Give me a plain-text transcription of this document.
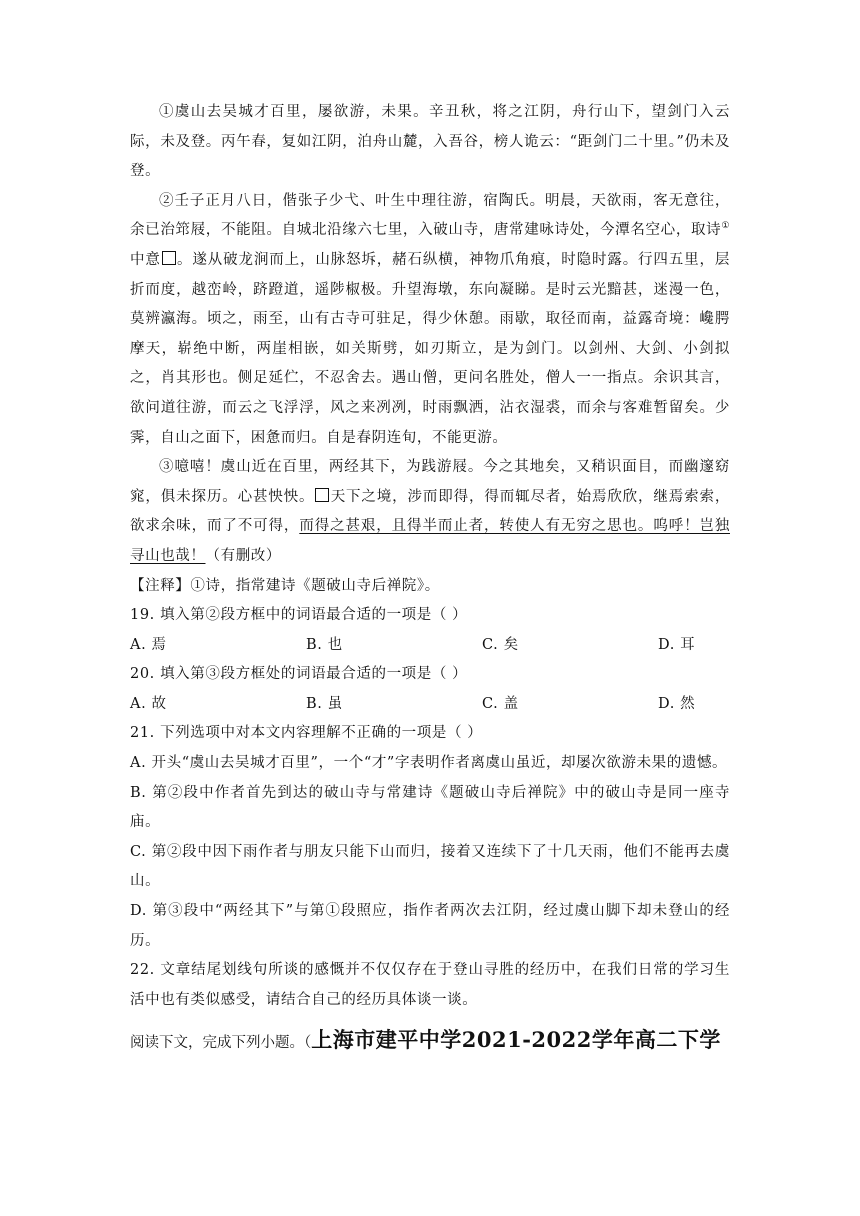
①虞山去吴城才百里，屡欲游，未果。辛丑秋，将之江阴，舟行山下，望剑门入云际，未及登。丙午春，复如江阴，泊舟山麓，入吾谷，榜人诡云：“距剑门二十里。”仍未及登。

②壬子正月八日，偕张子少弋、叶生中理往游，宿陶氏。明晨，天欲雨，客无意往，余已治筇屐，不能阻。自城北沿缘六七里，入破山寺，唐常建咏诗处，今潭名空心，取诗①中意 。遂从破龙涧而上，山脉怒坼，赭石纵横，神物爪角痕，时隐时露。行四五里，层折而度，越峦岭，跻蹬道，遥陟椒极。升望海墩，东向凝睇。是时云光黯甚，迷漫一色，莫辨瀛海。顷之，雨至，山有古寺可驻足，得少休憩。雨歇，取径而南，益露奇境：巉腭摩天，崭绝中断，两崖相嵌，如关斯劈，如刃斯立，是为剑门。以剑州、大剑、小剑拟之，肖其形也。侧足延伫，不忍舍去。遇山僧，更问名胜处，僧人一一指点。余识其言，欲问道往游，而云之飞浮浮，风之来冽冽，时雨飘洒，沾衣湿裘，而余与客难暂留矣。少霁，自山之面下，困惫而归。自是春阴连旬，不能更游。

③噫嘻！虞山近在百里，两经其下，为践游屐。今之其地矣，又稍识面目，而幽邃窈窕，俱未探历。心甚怏怏。 天下之境，涉而即得，得而辄尽者，始焉欣欣，继焉索索，欲求余味，而了不可得，而得之甚艰，且得半而止者，转使人有无穷之思也。呜呼！岂独寻山也哉！（有删改）

【注释】①诗，指常建诗《题破山寺后禅院》。

19. 填入第②段方框中的词语最合适的一项是（ ）

A. 焉	B. 也	C. 矣	D. 耳

20. 填入第③段方框处的词语最合适的一项是（ ）

A. 故	B. 虽	C. 盖	D. 然

21. 下列选项中对本文内容理解不正确的一项是（ ）

A. 开头“虞山去吴城才百里”，一个“才”字表明作者离虞山虽近，却屡次欲游未果的遗憾。

B. 第②段中作者首先到达的破山寺与常建诗《题破山寺后禅院》中的破山寺是同一座寺庙。

C. 第②段中因下雨作者与朋友只能下山而归，接着又连续下了十几天雨，他们不能再去虞山。

D. 第③段中“两经其下”与第①段照应，指作者两次去江阴，经过虞山脚下却未登山的经历。

22. 文章结尾划线句所谈的感慨并不仅仅存在于登山寻胜的经历中，在我们日常的学习生活中也有类似感受，请结合自己的经历具体谈一谈。

阅读下文，完成下列小题。（上海市建平中学2021-2022学年高二下学
